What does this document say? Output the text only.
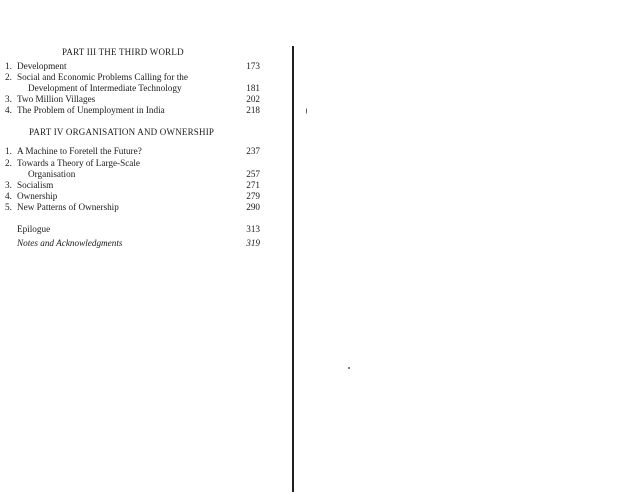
PART III THE THIRD WORLD
1. Development	173
2. Social and Economic Problems Calling for the
Development of Intermediate Technology	181
3. Two Million Villages	202
4. The Problem of Unemployment in India	218
PART IV ORGANISATION AND OWNERSHIP
1. A Machine to Foretell the Future?	237
2. Towards a Theory of Large-Scale
Organisation	257
3. Socialism	271
4. Ownership	279
5. New Patterns of Ownership	290
Epilogue	313
Notes and Acknowledgments	319
